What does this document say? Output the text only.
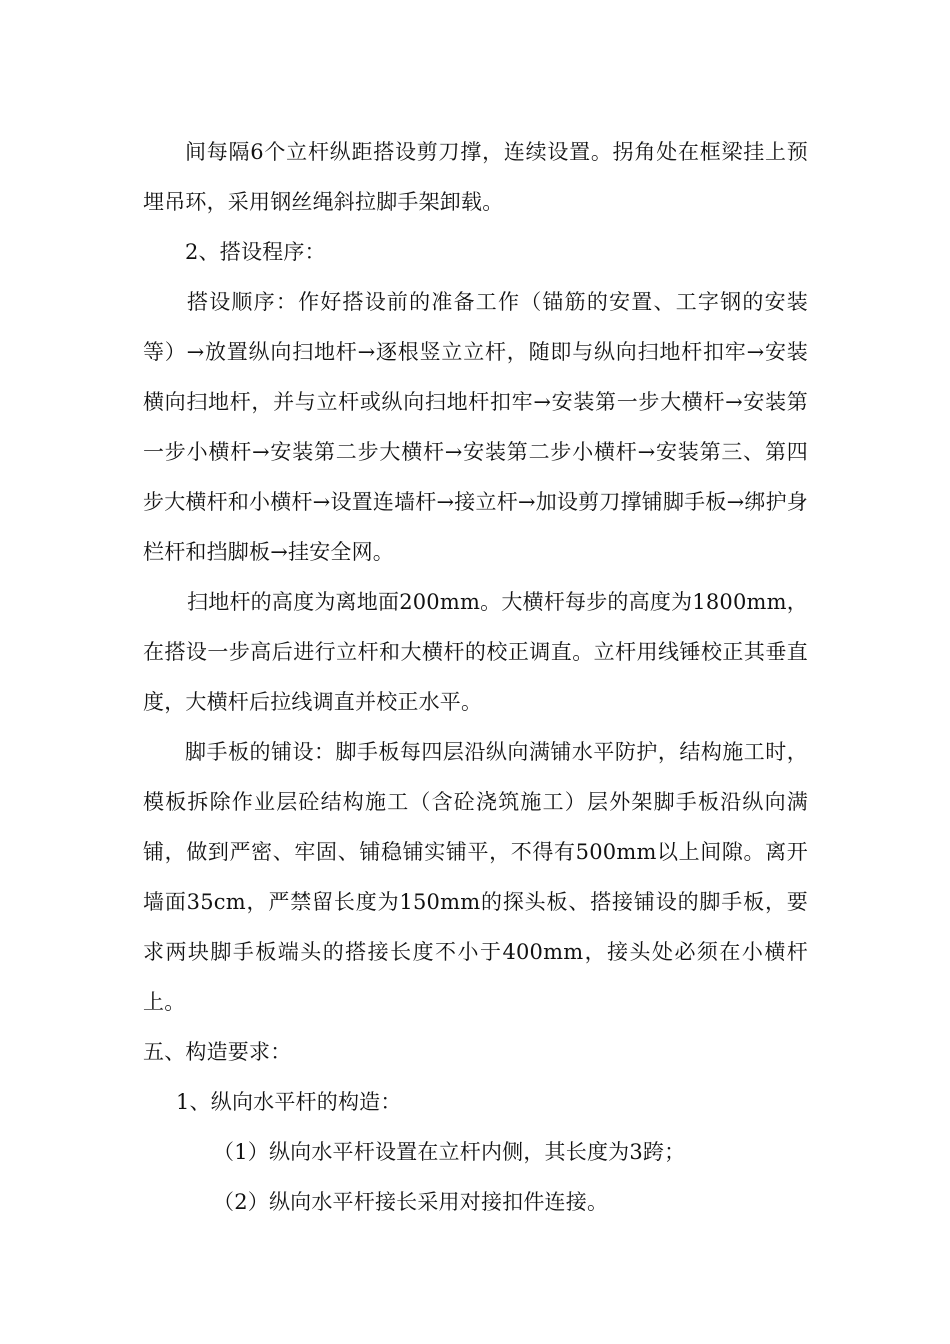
间每隔6个立杆纵距搭设剪刀撑，连续设置。拐角处在框梁挂上预埋吊环，采用钢丝绳斜拉脚手架卸载。

2、搭设程序：

搭设顺序：作好搭设前的准备工作（锚筋的安置、工字钢的安装等）→放置纵向扫地杆→逐根竖立立杆，随即与纵向扫地杆扣牢→安装横向扫地杆，并与立杆或纵向扫地杆扣牢→安装第一步大横杆→安装第一步小横杆→安装第二步大横杆→安装第二步小横杆→安装第三、第四步大横杆和小横杆→设置连墙杆→接立杆→加设剪刀撑铺脚手板→绑护身栏杆和挡脚板→挂安全网。

扫地杆的高度为离地面200mm。大横杆每步的高度为1800mm，在搭设一步高后进行立杆和大横杆的校正调直。立杆用线锤校正其垂直度，大横杆后拉线调直并校正水平。

脚手板的铺设：脚手板每四层沿纵向满铺水平防护，结构施工时，模板拆除作业层砼结构施工（含砼浇筑施工）层外架脚手板沿纵向满铺，做到严密、牢固、铺稳铺实铺平，不得有500mm以上间隙。离开墙面35cm，严禁留长度为150mm的探头板、搭接铺设的脚手板，要求两块脚手板端头的搭接长度不小于400mm，接头处必须在小横杆上。

五、构造要求：

1、纵向水平杆的构造：

（1）纵向水平杆设置在立杆内侧，其长度为3跨；

（2）纵向水平杆接长采用对接扣件连接。
